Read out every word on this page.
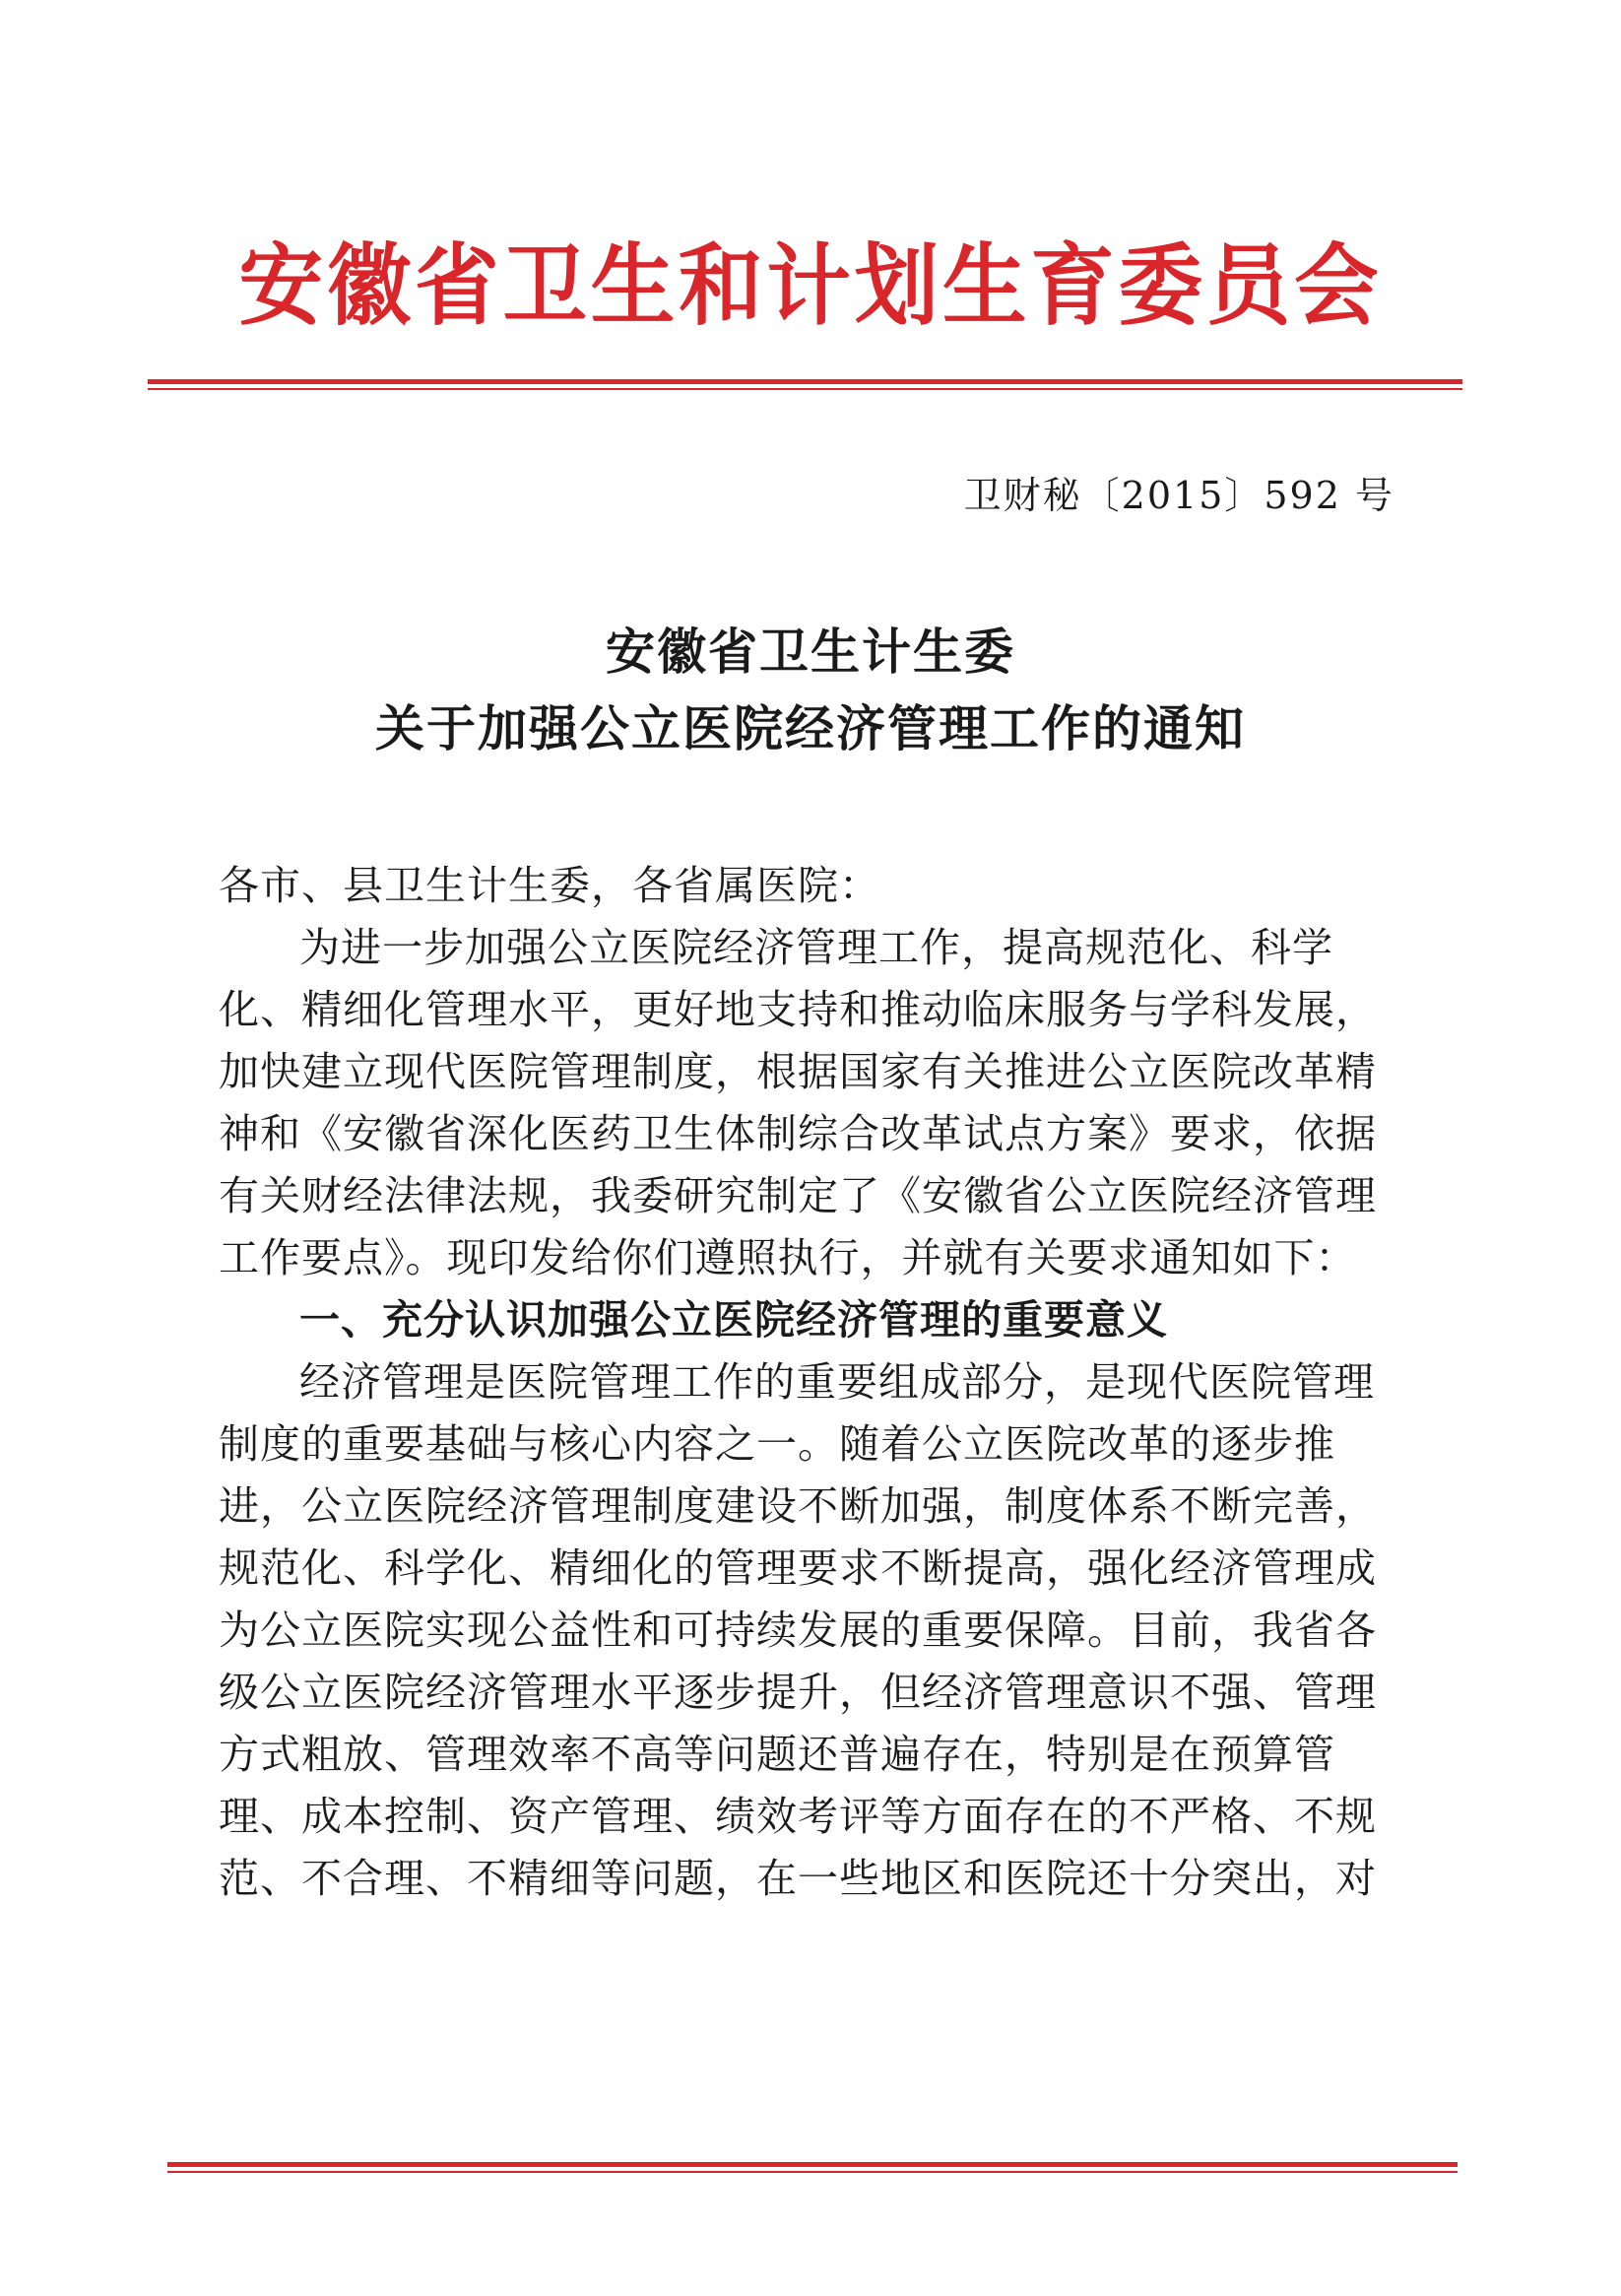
安徽省卫生和计划生育委员会
卫财秘〔2015〕592 号
安徽省卫生计生委
关于加强公立医院经济管理工作的通知
各市、县卫生计生委，各省属医院：
为进一步加强公立医院经济管理工作，提高规范化、科学
化、精细化管理水平，更好地支持和推动临床服务与学科发展，
加快建立现代医院管理制度，根据国家有关推进公立医院改革精
神和《安徽省深化医药卫生体制综合改革试点方案》要求，依据
有关财经法律法规，我委研究制定了《安徽省公立医院经济管理
工作要点》。现印发给你们遵照执行，并就有关要求通知如下：
一、充分认识加强公立医院经济管理的重要意义
经济管理是医院管理工作的重要组成部分，是现代医院管理
制度的重要基础与核心内容之一。随着公立医院改革的逐步推
进，公立医院经济管理制度建设不断加强，制度体系不断完善，
规范化、科学化、精细化的管理要求不断提高，强化经济管理成
为公立医院实现公益性和可持续发展的重要保障。目前，我省各
级公立医院经济管理水平逐步提升，但经济管理意识不强、管理
方式粗放、管理效率不高等问题还普遍存在，特别是在预算管
理、成本控制、资产管理、绩效考评等方面存在的不严格、不规
范、不合理、不精细等问题，在一些地区和医院还十分突出，对
